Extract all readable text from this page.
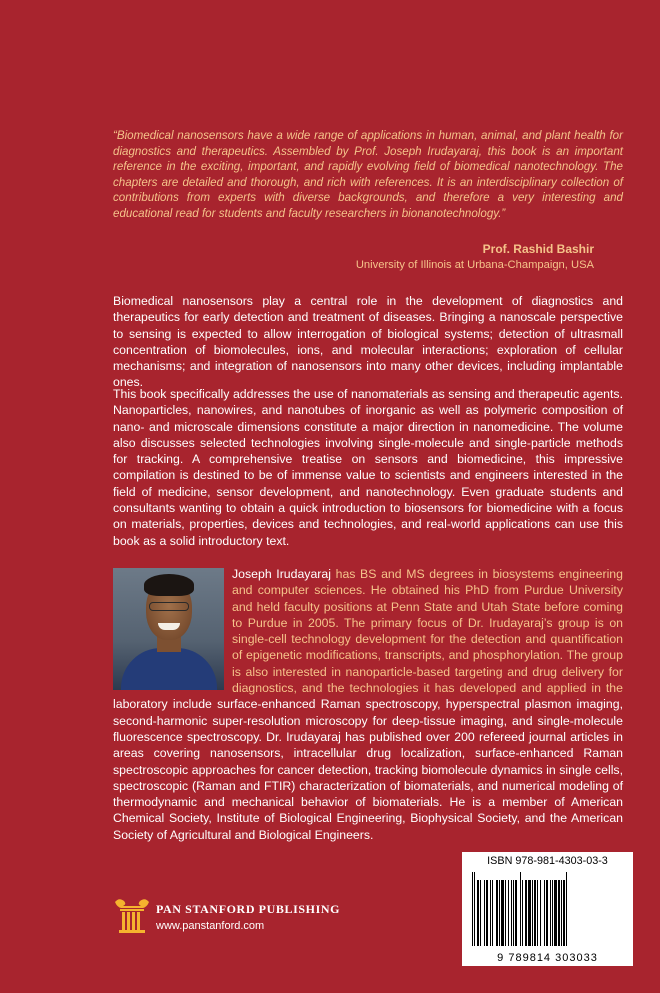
“Biomedical nanosensors have a wide range of applications in human, animal, and plant health for diagnostics and therapeutics. Assembled by Prof. Joseph Irudayaraj, this book is an important reference in the exciting, important, and rapidly evolving field of biomedical nanotechnology. The chapters are detailed and thorough, and rich with references. It is an interdisciplinary collection of contributions from experts with diverse backgrounds, and therefore a very interesting and educational read for students and faculty researchers in bionanotechnology.”

Prof. Rashid Bashir

University of Illinois at Urbana-Champaign, USA

Biomedical nanosensors play a central role in the development of diagnostics and therapeutics for early detection and treatment of diseases. Bringing a nanoscale perspective to sensing is expected to allow interrogation of biological systems; detection of ultrasmall concentration of biomolecules, ions, and molecular interactions; exploration of cellular mechanisms; and integration of nanosensors into many other devices, including implantable ones.

This book specifically addresses the use of nanomaterials as sensing and therapeutic agents. Nanoparticles, nanowires, and nanotubes of inorganic as well as polymeric composition of nano- and microscale dimensions constitute a major direction in nanomedicine. The volume also discusses selected technologies involving single-molecule and single-particle methods for tracking. A comprehensive treatise on sensors and biomedicine, this impressive compilation is destined to be of immense value to scientists and engineers interested in the field of medicine, sensor development, and nanotechnology. Even graduate students and consultants wanting to obtain a quick introduction to biosensors for biomedicine with a focus on materials, properties, devices and technologies, and real-world applications can use this book as a solid introductory text.

Joseph Irudayaraj has BS and MS degrees in biosystems engineering and computer sciences. He obtained his PhD from Purdue University and held faculty positions at Penn State and Utah State before coming to Purdue in 2005. The primary focus of Dr. Irudayaraj’s group is on single-cell technology development for the detection and quantification of epigenetic modifications, transcripts, and phosphorylation. The group is also interested in nanoparticle-based targeting and drug delivery for diagnostics, and the technologies it has developed and applied in the laboratory include surface-enhanced Raman spectroscopy, hyperspectral plasmon imaging, second-harmonic super-resolution microscopy for deep-tissue imaging, and single-molecule fluorescence spectroscopy. Dr. Irudayaraj has published over 200 refereed journal articles in areas covering nanosensors, intracellular drug localization, surface-enhanced Raman spectroscopic approaches for cancer detection, tracking biomolecule dynamics in single cells, spectroscopic (Raman and FTIR) characterization of biomaterials, and numerical modeling of thermodynamic and mechanical behavior of biomaterials. He is a member of American Chemical Society, Institute of Biological Engineering, Biophysical Society, and the American Society of Agricultural and Biological Engineers.

ISBN 978-981-4303-03-3

9 789814 303033

PAN STANFORD PUBLISHING

www.panstanford.com
